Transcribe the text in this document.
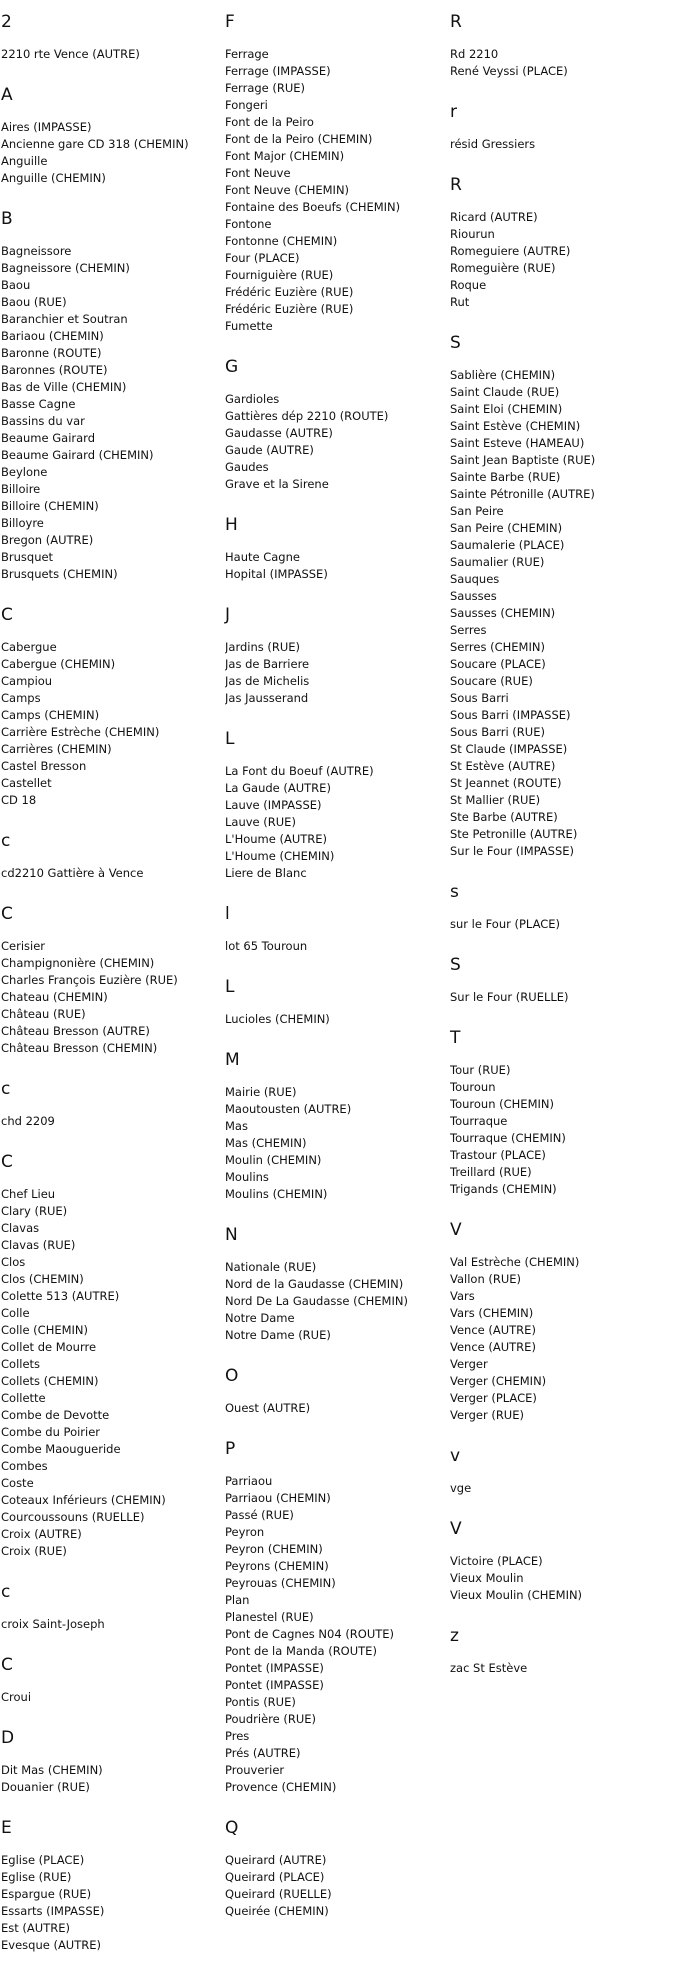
2
2210 rte Vence (AUTRE)
A
Aires (IMPASSE)
Ancienne gare CD 318 (CHEMIN)
Anguille
Anguille (CHEMIN)
B
Bagneissore
Bagneissore (CHEMIN)
Baou
Baou (RUE)
Baranchier et Soutran
Bariaou (CHEMIN)
Baronne (ROUTE)
Baronnes (ROUTE)
Bas de Ville (CHEMIN)
Basse Cagne
Bassins du var
Beaume Gairard
Beaume Gairard (CHEMIN)
Beylone
Billoire
Billoire (CHEMIN)
Billoyre
Bregon (AUTRE)
Brusquet
Brusquets (CHEMIN)
C
Cabergue
Cabergue (CHEMIN)
Campiou
Camps
Camps (CHEMIN)
Carrière Estrèche (CHEMIN)
Carrières (CHEMIN)
Castel Bresson
Castellet
CD 18
c
cd2210 Gattière à Vence
C
Cerisier
Champignonière (CHEMIN)
Charles François Euzière (RUE)
Chateau (CHEMIN)
Château (RUE)
Château Bresson (AUTRE)
Château Bresson (CHEMIN)
c
chd 2209
C
Chef Lieu
Clary (RUE)
Clavas
Clavas (RUE)
Clos
Clos (CHEMIN)
Colette 513 (AUTRE)
Colle
Colle (CHEMIN)
Collet de Mourre
Collets
Collets (CHEMIN)
Collette
Combe de Devotte
Combe du Poirier
Combe Maougueride
Combes
Coste
Coteaux Inférieurs (CHEMIN)
Courcoussouns (RUELLE)
Croix (AUTRE)
Croix (RUE)
c
croix Saint-Joseph
C
Croui
D
Dit Mas (CHEMIN)
Douanier (RUE)
E
Eglise (PLACE)
Eglise (RUE)
Espargue (RUE)
Essarts (IMPASSE)
Est (AUTRE)
Evesque (AUTRE)
F
Ferrage
Ferrage (IMPASSE)
Ferrage (RUE)
Fongeri
Font de la Peiro
Font de la Peiro (CHEMIN)
Font Major (CHEMIN)
Font Neuve
Font Neuve (CHEMIN)
Fontaine des Boeufs (CHEMIN)
Fontone
Fontonne (CHEMIN)
Four (PLACE)
Fourniguière (RUE)
Frédéric Euzière (RUE)
Frédéric Euzière (RUE)
Fumette
G
Gardioles
Gattières dép 2210 (ROUTE)
Gaudasse (AUTRE)
Gaude (AUTRE)
Gaudes
Grave et la Sirene
H
Haute Cagne
Hopital (IMPASSE)
J
Jardins (RUE)
Jas de Barriere
Jas de Michelis
Jas Jausserand
L
La Font du Boeuf (AUTRE)
La Gaude (AUTRE)
Lauve (IMPASSE)
Lauve (RUE)
L'Houme (AUTRE)
L'Houme (CHEMIN)
Liere de Blanc
l
lot 65 Touroun
L
Lucioles (CHEMIN)
M
Mairie (RUE)
Maoutousten (AUTRE)
Mas
Mas (CHEMIN)
Moulin (CHEMIN)
Moulins
Moulins (CHEMIN)
N
Nationale (RUE)
Nord de la Gaudasse (CHEMIN)
Nord De La Gaudasse (CHEMIN)
Notre Dame
Notre Dame (RUE)
O
Ouest (AUTRE)
P
Parriaou
Parriaou (CHEMIN)
Passé (RUE)
Peyron
Peyron (CHEMIN)
Peyrons (CHEMIN)
Peyrouas (CHEMIN)
Plan
Planestel (RUE)
Pont de Cagnes N04 (ROUTE)
Pont de la Manda (ROUTE)
Pontet (IMPASSE)
Pontet (IMPASSE)
Pontis (RUE)
Poudrière (RUE)
Pres
Prés (AUTRE)
Prouverier
Provence (CHEMIN)
Q
Queirard (AUTRE)
Queirard (PLACE)
Queirard (RUELLE)
Queirée (CHEMIN)
R
Rd 2210
René Veyssi (PLACE)
r
résid Gressiers
R
Ricard (AUTRE)
Riourun
Romeguiere (AUTRE)
Romeguière (RUE)
Roque
Rut
S
Sablière (CHEMIN)
Saint Claude (RUE)
Saint Eloi (CHEMIN)
Saint Estève (CHEMIN)
Saint Esteve (HAMEAU)
Saint Jean Baptiste (RUE)
Sainte Barbe (RUE)
Sainte Pétronille (AUTRE)
San Peire
San Peire (CHEMIN)
Saumalerie (PLACE)
Saumalier (RUE)
Sauques
Sausses
Sausses (CHEMIN)
Serres
Serres (CHEMIN)
Soucare (PLACE)
Soucare (RUE)
Sous Barri
Sous Barri (IMPASSE)
Sous Barri (RUE)
St Claude (IMPASSE)
St Estève (AUTRE)
St Jeannet (ROUTE)
St Mallier (RUE)
Ste Barbe (AUTRE)
Ste Petronille (AUTRE)
Sur le Four (IMPASSE)
s
sur le Four (PLACE)
S
Sur le Four (RUELLE)
T
Tour (RUE)
Touroun
Touroun (CHEMIN)
Tourraque
Tourraque (CHEMIN)
Trastour (PLACE)
Treillard (RUE)
Trigands (CHEMIN)
V
Val Estrèche (CHEMIN)
Vallon (RUE)
Vars
Vars (CHEMIN)
Vence (AUTRE)
Vence (AUTRE)
Verger
Verger (CHEMIN)
Verger (PLACE)
Verger (RUE)
v
vge
V
Victoire (PLACE)
Vieux Moulin
Vieux Moulin (CHEMIN)
z
zac St Estève
